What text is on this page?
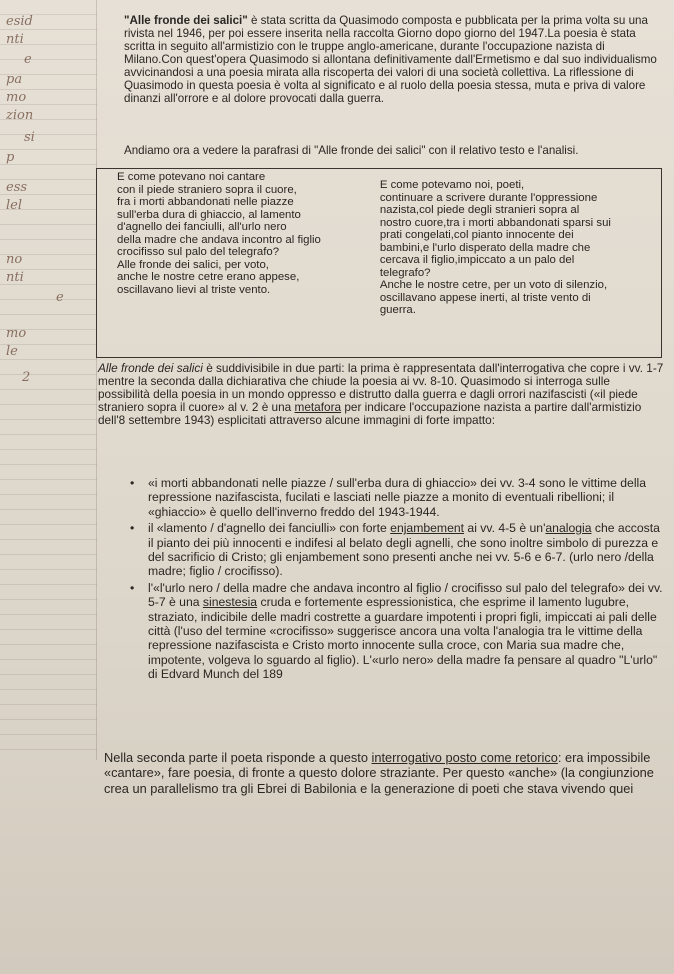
esid
nti
e
pa
mo
zion
si
p
ess
lel
no
nti
e
mo
le
2

"Alle fronde dei salici" è stata scritta da Quasimodo composta e pubblicata per la prima volta su una rivista nel 1946, per poi essere inserita nella raccolta Giorno dopo giorno del 1947.La poesia è stata scritta in seguito all'armistizio con le truppe anglo-americane, durante l'occupazione nazista di Milano.Con quest'opera Quasimodo si allontana definitivamente dall'Ermetismo e dal suo individualismo avvicinandosi a una poesia mirata alla riscoperta dei valori di una società collettiva. La riflessione di Quasimodo in questa poesia è volta al significato e al ruolo della poesia stessa, muta e priva di valore dinanzi all'orrore e al dolore provocati dalla guerra.

Andiamo ora a vedere la parafrasi di "Alle fronde dei salici" con il relativo testo e l'analisi.

E come potevano noi cantare
con il piede straniero sopra il cuore,
fra i morti abbandonati nelle piazze
sull'erba dura di ghiaccio, al lamento
d'agnello dei fanciulli, all'urlo nero
della madre che andava incontro al figlio
crocifisso sul palo del telegrafo?
Alle fronde dei salici, per voto,
anche le nostre cetre erano appese,
oscillavano lievi al triste vento.
E come potevamo noi, poeti,
continuare a scrivere durante l'oppressione
nazista,col piede degli stranieri sopra al
nostro cuore,tra i morti abbandonati sparsi sui
prati congelati,col pianto innocente dei
bambini,e l'urlo disperato della madre che
cercava il figlio,impiccato a un palo del
telegrafo?
Anche le nostre cetre, per un voto di silenzio,
oscillavano appese inerti, al triste vento di
guerra.

Alle fronde dei salici è suddivisibile in due parti: la prima è rappresentata dall'interrogativa che copre i vv. 1-7 mentre la seconda dalla dichiarativa che chiude la poesia ai vv. 8-10. Quasimodo si interroga sulle possibilità della poesia in un mondo oppresso e distrutto dalla guerra e dagli orrori nazifascisti («il piede straniero sopra il cuore» al v. 2 è una metafora per indicare l'occupazione nazista a partire dall'armistizio dell'8 settembre 1943) esplicitati attraverso alcune immagini di forte impatto:

• «i morti abbandonati nelle piazze / sull'erba dura di ghiaccio» dei vv. 3-4 sono le vittime della repressione nazifascista, fucilati e lasciati nelle piazze a monito di eventuali ribellioni; il «ghiaccio» è quello dell'inverno freddo del 1943-1944.
• il «lamento / d'agnello dei fanciulli» con forte enjambement ai vv. 4-5 è un'analogia che accosta il pianto dei più innocenti e indifesi al belato degli agnelli, che sono inoltre simbolo di purezza e del sacrificio di Cristo; gli enjambement sono presenti anche nei vv. 5-6 e 6-7. (urlo nero /della madre; figlio / crocifisso).
• l'«l'urlo nero / della madre che andava incontro al figlio / crocifisso sul palo del telegrafo» dei vv. 5-7 è una sinestesia cruda e fortemente espressionistica, che esprime il lamento lugubre, straziato, indicibile delle madri costrette a guardare impotenti i propri figli, impiccati ai pali delle città (l'uso del termine «crocifisso» suggerisce ancora una volta l'analogia tra le vittime della repressione nazifascista e Cristo morto innocente sulla croce, con Maria sua madre che, impotente, volgeva lo sguardo al figlio). L'«urlo nero» della madre fa pensare al quadro "L'urlo" di Edvard Munch del 189

Nella seconda parte il poeta risponde a questo interrogativo posto come retorico: era impossibile «cantare», fare poesia, di fronte a questo dolore straziante. Per questo «anche» (la congiunzione crea un parallelismo tra gli Ebrei di Babilonia e la generazione di poeti che stava vivendo quei
